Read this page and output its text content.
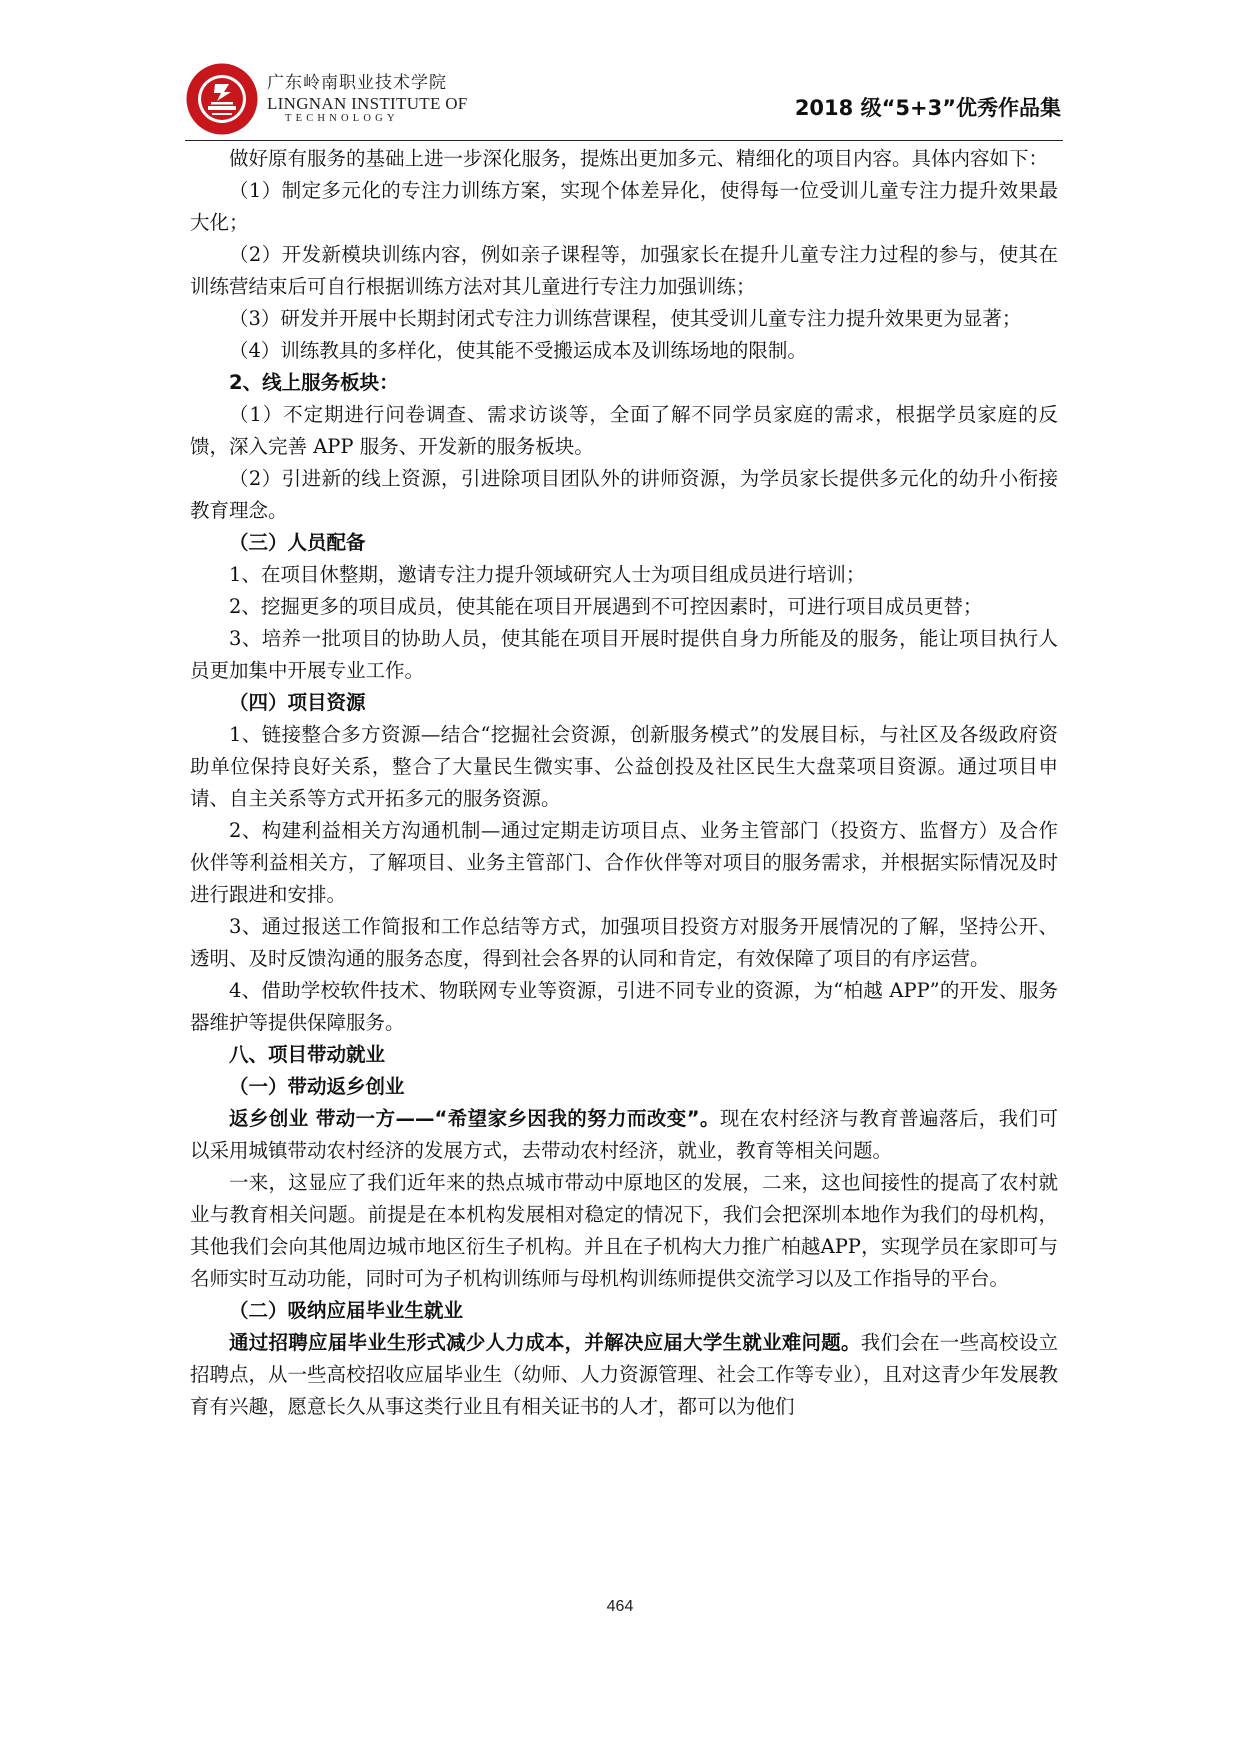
广东岭南职业技术学院
LINGNAN INSTITUTE OF
TECHNOLOGY	2018 级“5+3”优秀作品集

做好原有服务的基础上进一步深化服务，提炼出更加多元、精细化的项目内容。具体内容如下：

（1）制定多元化的专注力训练方案，实现个体差异化，使得每一位受训儿童专注力提升效果最大化；

（2）开发新模块训练内容，例如亲子课程等，加强家长在提升儿童专注力过程的参与，使其在训练营结束后可自行根据训练方法对其儿童进行专注力加强训练；

（3）研发并开展中长期封闭式专注力训练营课程，使其受训儿童专注力提升效果更为显著；

（4）训练教具的多样化，使其能不受搬运成本及训练场地的限制。

2、线上服务板块：

（1）不定期进行问卷调查、需求访谈等，全面了解不同学员家庭的需求，根据学员家庭的反馈，深入完善 APP 服务、开发新的服务板块。

（2）引进新的线上资源，引进除项目团队外的讲师资源，为学员家长提供多元化的幼升小衔接教育理念。

（三）人员配备

1、在项目休整期，邀请专注力提升领域研究人士为项目组成员进行培训；

2、挖掘更多的项目成员，使其能在项目开展遇到不可控因素时，可进行项目成员更替；

3、培养一批项目的协助人员，使其能在项目开展时提供自身力所能及的服务，能让项目执行人员更加集中开展专业工作。

（四）项目资源

1、链接整合多方资源—结合“挖掘社会资源，创新服务模式”的发展目标，与社区及各级政府资助单位保持良好关系，整合了大量民生微实事、公益创投及社区民生大盘菜项目资源。通过项目申请、自主关系等方式开拓多元的服务资源。

2、构建利益相关方沟通机制—通过定期走访项目点、业务主管部门（投资方、监督方）及合作伙伴等利益相关方，了解项目、业务主管部门、合作伙伴等对项目的服务需求，并根据实际情况及时进行跟进和安排。

3、通过报送工作简报和工作总结等方式，加强项目投资方对服务开展情况的了解，坚持公开、透明、及时反馈沟通的服务态度，得到社会各界的认同和肯定，有效保障了项目的有序运营。

4、借助学校软件技术、物联网专业等资源，引进不同专业的资源，为“柏越 APP”的开发、服务器维护等提供保障服务。

八、项目带动就业

（一）带动返乡创业

返乡创业 带动一方——“希望家乡因我的努力而改变”。现在农村经济与教育普遍落后，我们可以采用城镇带动农村经济的发展方式，去带动农村经济，就业，教育等相关问题。

一来，这显应了我们近年来的热点城市带动中原地区的发展，二来，这也间接性的提高了农村就业与教育相关问题。前提是在本机构发展相对稳定的情况下，我们会把深圳本地作为我们的母机构，其他我们会向其他周边城市地区衍生子机构。并且在子机构大力推广柏越APP，实现学员在家即可与名师实时互动功能，同时可为子机构训练师与母机构训练师提供交流学习以及工作指导的平台。

（二）吸纳应届毕业生就业

通过招聘应届毕业生形式减少人力成本，并解决应届大学生就业难问题。我们会在一些高校设立招聘点，从一些高校招收应届毕业生（幼师、人力资源管理、社会工作等专业），且对这青少年发展教育有兴趣，愿意长久从事这类行业且有相关证书的人才，都可以为他们

464
